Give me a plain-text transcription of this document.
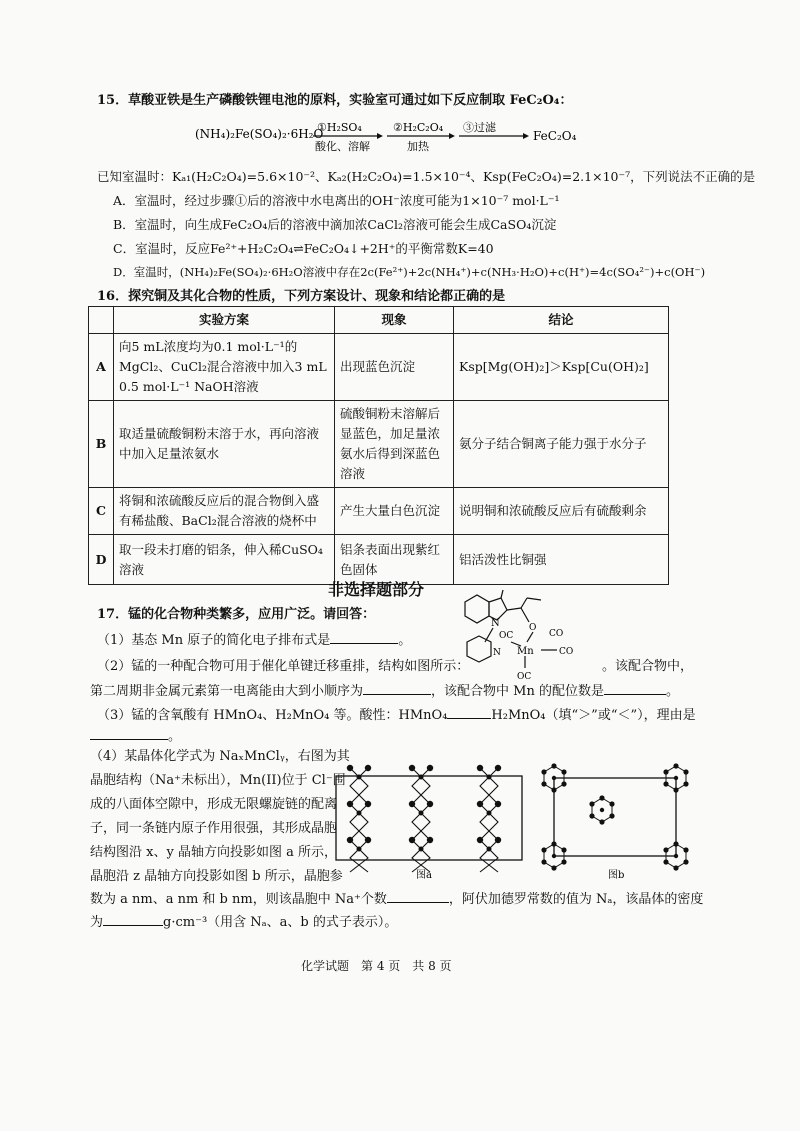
15．草酸亚铁是生产磷酸铁锂电池的原料，实验室可通过如下反应制取 FeC₂O₄：
(NH₄)₂Fe(SO₄)₂·6H₂O
①H₂SO₄
酸化、溶解
②H₂C₂O₄
加热
③过滤
FeC₂O₄
已知室温时：Kₐ₁(H₂C₂O₄)=5.6×10⁻²、Kₐ₂(H₂C₂O₄)=1.5×10⁻⁴、Ksp(FeC₂O₄)=2.1×10⁻⁷，下列说法不正确的是
A．室温时，经过步骤①后的溶液中水电离出的OH⁻浓度可能为1×10⁻⁷ mol·L⁻¹
B．室温时，向生成FeC₂O₄后的溶液中滴加浓CaCl₂溶液可能会生成CaSO₄沉淀
C．室温时，反应Fe²⁺+H₂C₂O₄⇌FeC₂O₄↓+2H⁺的平衡常数K=40
D．室温时，(NH₄)₂Fe(SO₄)₂·6H₂O溶液中存在2c(Fe²⁺)+2c(NH₄⁺)+c(NH₃·H₂O)+c(H⁺)=4c(SO₄²⁻)+c(OH⁻)
16．探究铜及其化合物的性质，下列方案设计、现象和结论都正确的是
	实验方案	现象	结论
A	向5 mL浓度均为0.1 mol·L⁻¹的MgCl₂、CuCl₂混合溶液中加入3 mL 0.5 mol·L⁻¹ NaOH溶液	出现蓝色沉淀	Ksp[Mg(OH)₂]＞Ksp[Cu(OH)₂]
B	取适量硫酸铜粉末溶于水，再向溶液中加入足量浓氨水	硫酸铜粉末溶解后显蓝色，加足量浓氨水后得到深蓝色溶液	氨分子结合铜离子能力强于水分子
C	将铜和浓硫酸反应后的混合物倒入盛有稀盐酸、BaCl₂混合溶液的烧杯中	产生大量白色沉淀	说明铜和浓硫酸反应后有硫酸剩余
D	取一段未打磨的铝条，伸入稀CuSO₄溶液	铝条表面出现紫红色固体	铝活泼性比铜强
非选择题部分
17．锰的化合物种类繁多，应用广泛。请回答：
（1）基态 Mn 原子的简化电子排布式是	。
（2）锰的一种配合物可用于催化单键迁移重排，结构如图所示：	。该配合物中，
第二周期非金属元素第一电离能由大到小顺序为	，该配合物中 Mn 的配位数是	。
N
N
OC
O
CO
Mn	CO
OC
（3）锰的含氧酸有 HMnO₄、H₂MnO₄ 等。酸性：HMnO₄	H₂MnO₄（填“＞”或“＜”），理由是
。
（4）某晶体化学式为 NaₓMnClᵧ，右图为其
晶胞结构（Na⁺未标出），Mn(II)位于 Cl⁻围
成的八面体空隙中，形成无限螺旋链的配离
子，同一条链内原子作用很强，其形成晶胞
结构图沿 x、y 晶轴方向投影如图 a 所示，
晶胞沿 z 晶轴方向投影如图 b 所示，晶胞参
数为 a nm、a nm 和 b nm，则该晶胞中 Na⁺个数	，阿伏加德罗常数的值为 Nₐ，该晶体的密度
为	g·cm⁻³（用含 Nₐ、a、b 的式子表示）。
图a	图b
化学试题　第 4 页　共 8 页
